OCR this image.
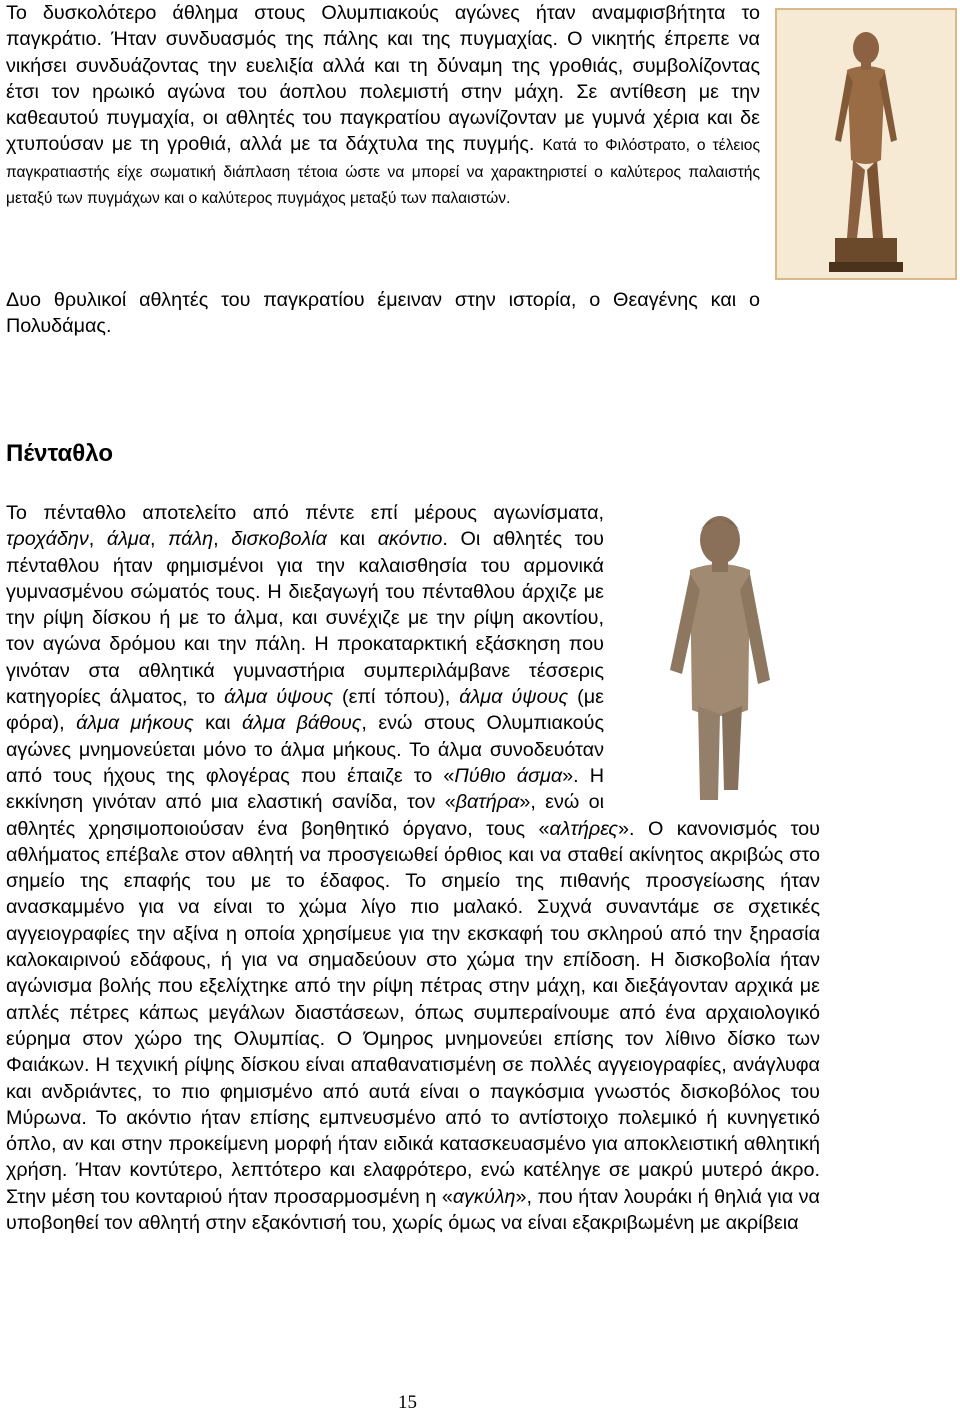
Το δυσκολότερο άθλημα στους Ολυμπιακούς αγώνες ήταν αναμφισβήτητα το παγκράτιο. Ήταν συνδυασμός της πάλης και της πυγμαχίας. Ο νικητής έπρεπε να νικήσει συνδυάζοντας την ευελιξία αλλά και τη δύναμη της γροθιάς, συμβολίζοντας έτσι τον ηρωικό αγώνα του άοπλου πολεμιστή στην μάχη. Σε αντίθεση με την καθεαυτού πυγμαχία, οι αθλητές του παγκρατίου αγωνίζονταν με γυμνά χέρια και δε χτυπούσαν με τη γροθιά, αλλά με τα δάχτυλα της πυγμής. Κατά το Φιλόστρατο, ο τέλειος παγκρατιαστής είχε σωματική διάπλαση τέτοια ώστε να μπορεί να χαρακτηριστεί ο καλύτερος παλαιστής μεταξύ των πυγμάχων και ο καλύτερος πυγμάχος μεταξύ των παλαιστών.

Δυο θρυλικοί αθλητές του παγκρατίου έμειναν στην ιστορία, ο Θεαγένης και ο Πολυδάμας.

Πένταθλο

Το πένταθλο αποτελείτο από πέντε επί μέρους αγωνίσματα, τροχάδην, άλμα, πάλη, δισκοβολία και ακόντιο. Οι αθλητές του πένταθλου ήταν φημισμένοι για την καλαισθησία του αρμονικά γυμνασμένου σώματός τους. Η διεξαγωγή του πένταθλου άρχιζε με την ρίψη δίσκου ή με το άλμα, και συνέχιζε με την ρίψη ακοντίου, τον αγώνα δρόμου και την πάλη. Η προκαταρκτική εξάσκηση που γινόταν στα αθλητικά γυμναστήρια συμπεριλάμβανε τέσσερις κατηγορίες άλματος, το άλμα ύψους (επί τόπου), άλμα ύψους (με φόρα), άλμα μήκους και άλμα βάθους, ενώ στους Ολυμπιακούς αγώνες μνημονεύεται μόνο το άλμα μήκους. Το άλμα συνοδευόταν από τους ήχους της φλογέρας που έπαιζε το «Πύθιο άσμα». Η εκκίνηση γινόταν από μια ελαστική σανίδα, τον «βατήρα», ενώ οι αθλητές χρησιμοποιούσαν ένα βοηθητικό όργανο, τους «αλτήρες». Ο κανονισμός του αθλήματος επέβαλε στον αθλητή να προσγειωθεί όρθιος και να σταθεί ακίνητος ακριβώς στο σημείο της επαφής του με το έδαφος. Το σημείο της πιθανής προσγείωσης ήταν ανασκαμμένο για να είναι το χώμα λίγο πιο μαλακό. Συχνά συναντάμε σε σχετικές αγγειογραφίες την αξίνα η οποία χρησίμευε για την εκσκαφή του σκληρού από την ξηρασία καλοκαιρινού εδάφους, ή για να σημαδεύουν στο χώμα την επίδοση. Η δισκοβολία ήταν αγώνισμα βολής που εξελίχτηκε από την ρίψη πέτρας στην μάχη, και διεξάγονταν αρχικά με απλές πέτρες κάπως μεγάλων διαστάσεων, όπως συμπεραίνουμε από ένα αρχαιολογικό εύρημα στον χώρο της Ολυμπίας. Ο Όμηρος μνημονεύει επίσης τον λίθινο δίσκο των Φαιάκων. Η τεχνική ρίψης δίσκου είναι απαθανατισμένη σε πολλές αγγειογραφίες, ανάγλυφα και ανδριάντες, το πιο φημισμένο από αυτά είναι ο παγκόσμια γνωστός δισκοβόλος του Μύρωνα. Το ακόντιο ήταν επίσης εμπνευσμένο από το αντίστοιχο πολεμικό ή κυνηγετικό όπλο, αν και στην προκείμενη μορφή ήταν ειδικά κατασκευασμένο για αποκλειστική αθλητική χρήση. Ήταν κοντύτερο, λεπτότερο και ελαφρότερο, ενώ κατέληγε σε μακρύ μυτερό άκρο. Στην μέση του κονταριού ήταν προσαρμοσμένη η «αγκύλη», που ήταν λουράκι ή θηλιά για να υποβοηθεί τον αθλητή στην εξακόντισή του, χωρίς όμως να είναι εξακριβωμένη με ακρίβεια

15
